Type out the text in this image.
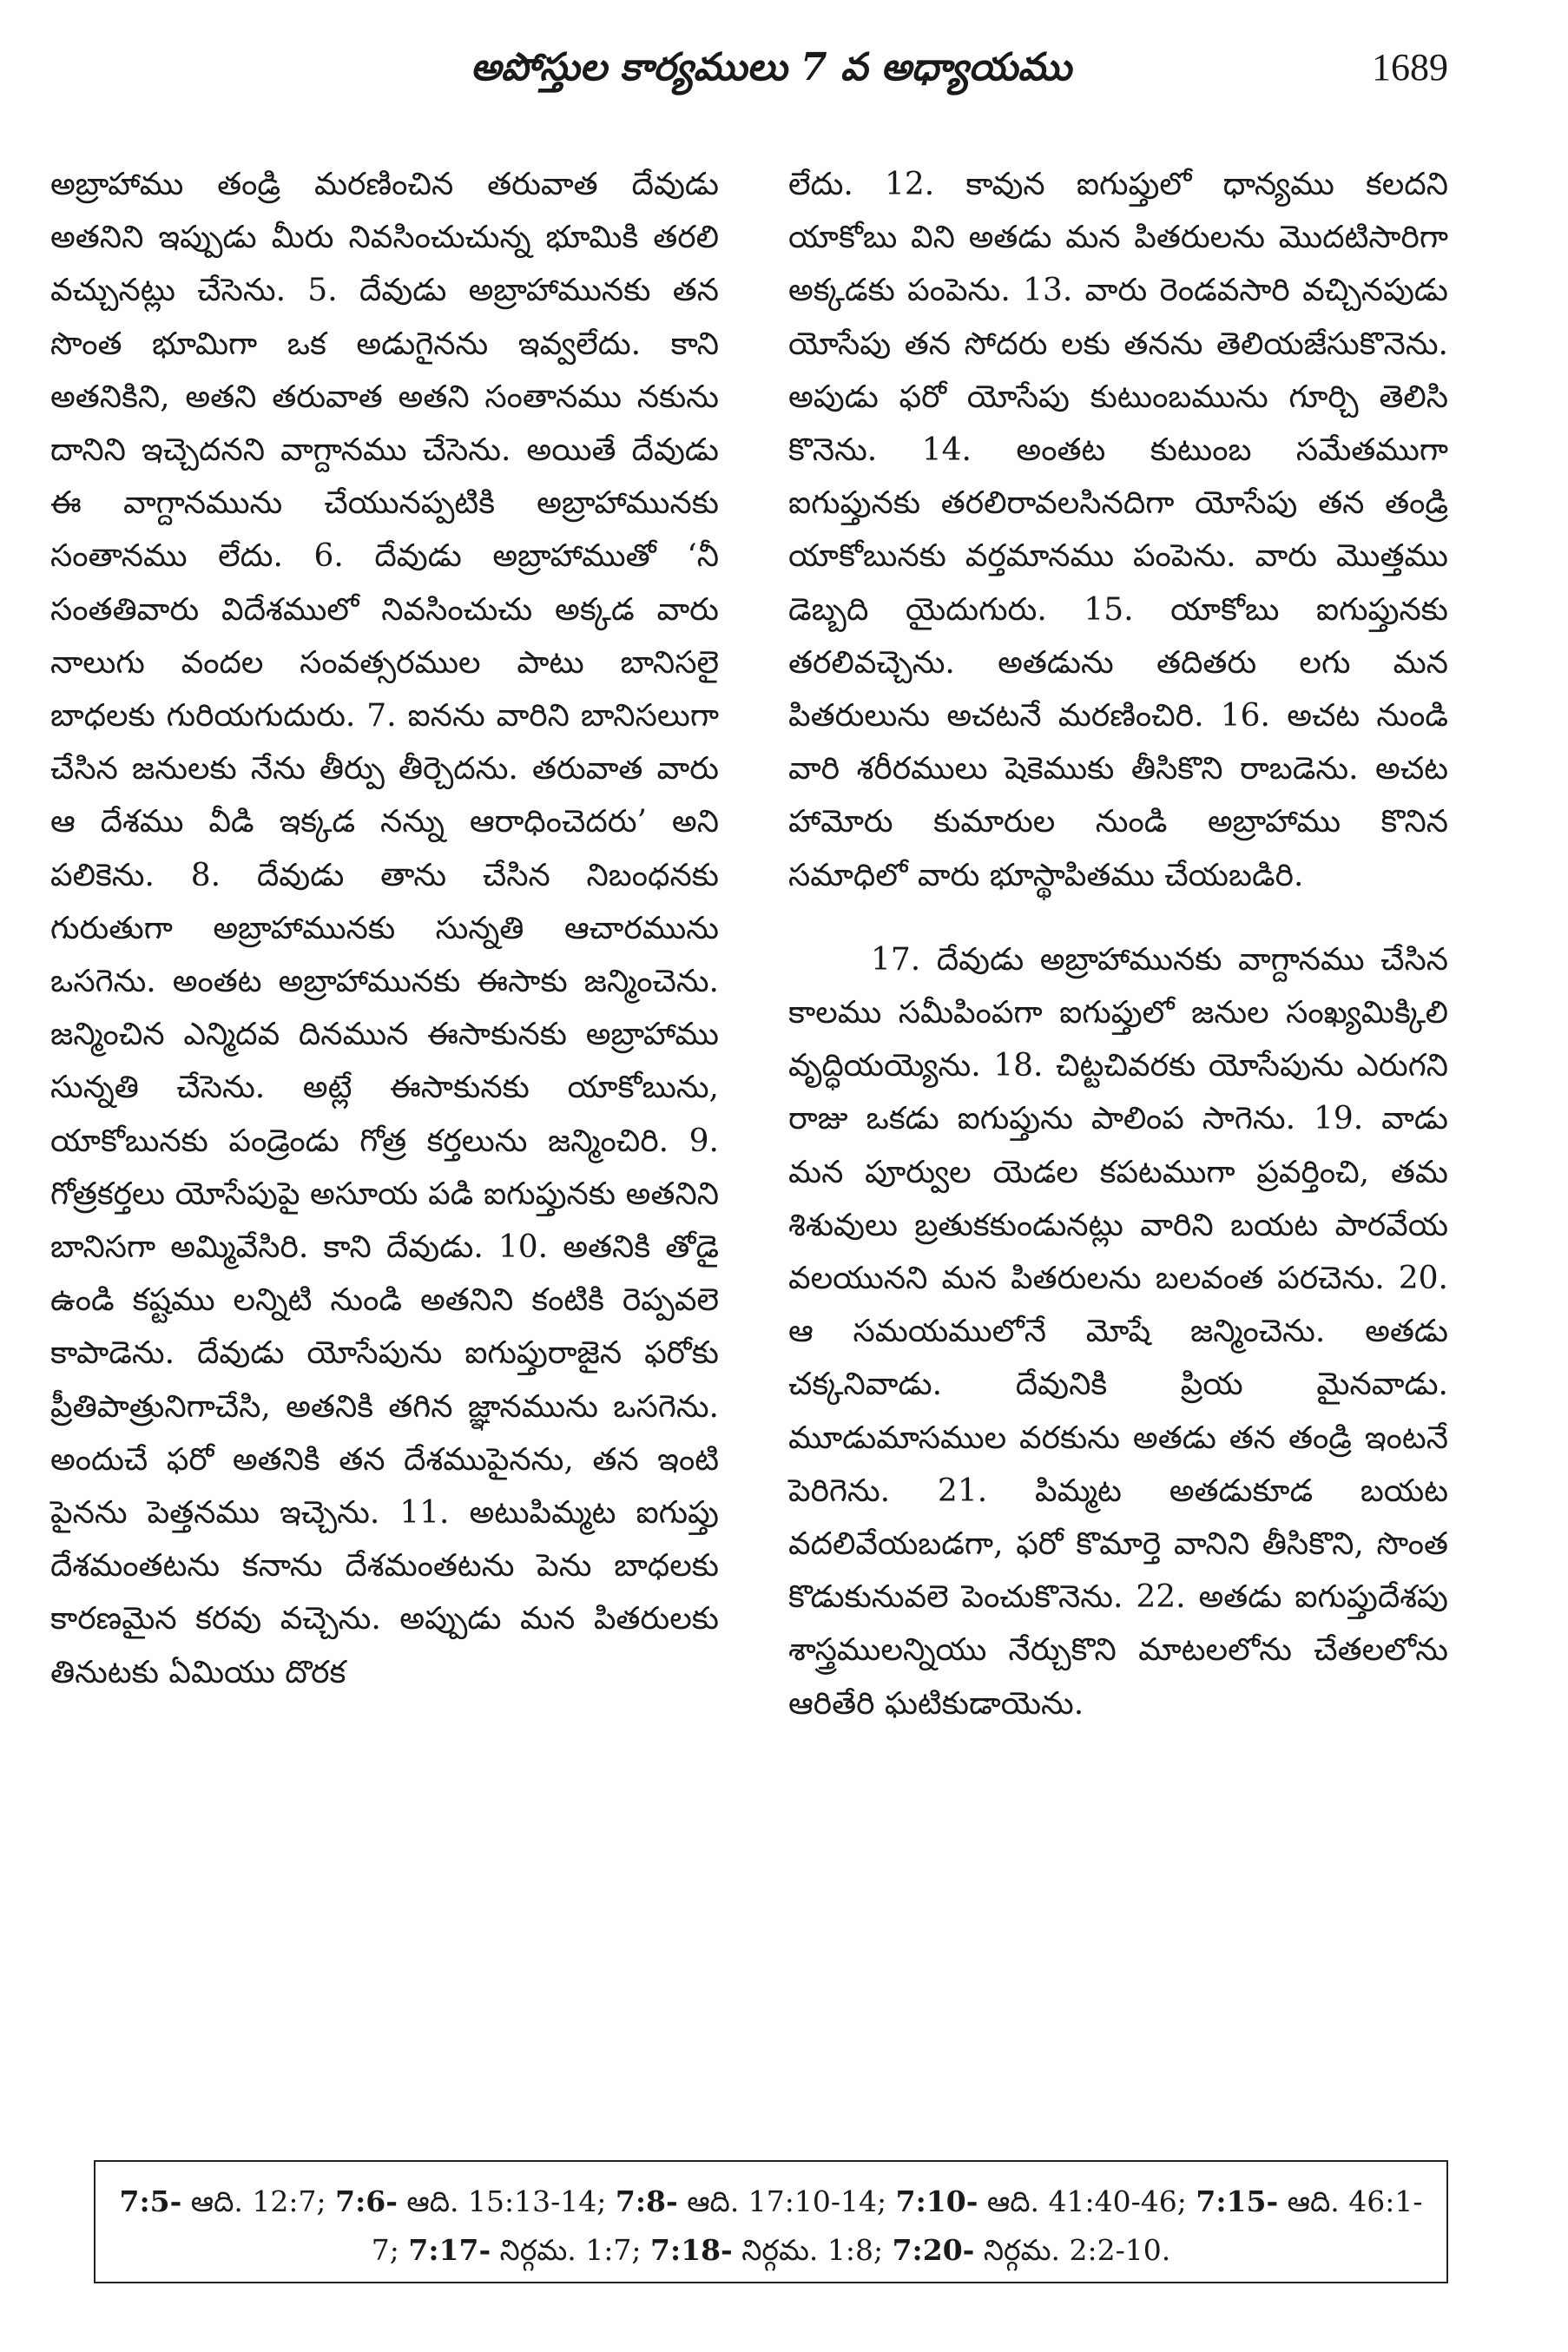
అపోస్తుల కార్యములు 7 వ అధ్యాయము	1689

అబ్రాహాము తండ్రి మరణించిన తరువాత దేవుడు అతనిని ఇప్పుడు మీరు నివసించుచున్న భూమికి తరలి వచ్చునట్లు చేసెను. 5. దేవుడు అబ్రాహామునకు తన సొంత భూమిగా ఒక అడుగైనను ఇవ్వలేదు. కాని అతనికిని, అతని తరువాత అతని సంతానము నకును దానిని ఇచ్చెదనని వాగ్దానము చేసెను. అయితే దేవుడు ఈ వాగ్దానమును చేయునప్పటికి అబ్రాహామునకు సంతానము లేదు. 6. దేవుడు అబ్రాహాముతో ‘నీ సంతతివారు విదేశములో నివసించుచు అక్కడ వారు నాలుగు వందల సంవత్సరముల పాటు బానిసలై బాధలకు గురియగుదురు. 7. ఐనను వారిని బానిసలుగా చేసిన జనులకు నేను తీర్పు తీర్చెదను. తరువాత వారు ఆ దేశము వీడి ఇక్కడ నన్ను ఆరాధించెదరు’ అని పలికెను. 8. దేవుడు తాను చేసిన నిబంధనకు గురుతుగా అబ్రాహామునకు సున్నతి ఆచారమును ఒసగెను. అంతట అబ్రాహామునకు ఈసాకు జన్మించెను. జన్మించిన ఎన్మిదవ దినమున ఈసాకునకు అబ్రాహాము సున్నతి చేసెను. అట్లే ఈసాకునకు యాకోబును, యాకోబునకు పండ్రెండు గోత్ర కర్తలును జన్మించిరి. 9. గోత్రకర్తలు యోసేపుపై అసూయ పడి ఐగుప్తునకు అతనిని బానిసగా అమ్మివేసిరి. కాని దేవుడు. 10. అతనికి తోడై ఉండి కష్టము లన్నిటి నుండి అతనిని కంటికి రెప్పవలె కాపాడెను. దేవుడు యోసేపును ఐగుప్తురాజైన ఫరోకు ప్రీతిపాత్రునిగాచేసి, అతనికి తగిన జ్ఞానమును ఒసగెను. అందుచే ఫరో అతనికి తన దేశముపైనను, తన ఇంటి పైనను పెత్తనము ఇచ్చెను. 11. అటుపిమ్మట ఐగుప్తు దేశమంతటను కనాను దేశమంతటను పెను బాధలకు కారణమైన కరవు వచ్చెను. అప్పుడు మన పితరులకు తినుటకు ఏమియు దొరక

లేదు. 12. కావున ఐగుప్తులో ధాన్యము కలదని యాకోబు విని అతడు మన పితరులను మొదటిసారిగా అక్కడకు పంపెను. 13. వారు రెండవసారి వచ్చినపుడు యోసేపు తన సోదరు లకు తనను తెలియజేసుకొనెను. అపుడు ఫరో యోసేపు కుటుంబమును గూర్చి తెలిసి కొనెను. 14. అంతట కుటుంబ సమేతముగా ఐగుప్తునకు తరలిరావలసినదిగా యోసేపు తన తండ్రి యాకోబునకు వర్తమానము పంపెను. వారు మొత్తము డెబ్బది యైదుగురు. 15. యాకోబు ఐగుప్తునకు తరలివచ్చెను. అతడును తదితరు లగు మన పితరులును అచటనే మరణించిరి. 16. అచట నుండి వారి శరీరములు షెకెముకు తీసికొని రాబడెను. అచట హామోరు కుమారుల నుండి అబ్రాహాము కొనిన సమాధిలో వారు భూస్థాపితము చేయబడిరి.

17. దేవుడు అబ్రాహామునకు వాగ్దానము చేసిన కాలము సమీపింపగా ఐగుప్తులో జనుల సంఖ్యమిక్కిలి వృద్ధియయ్యెను. 18. చిట్టచివరకు యోసేపును ఎరుగని రాజు ఒకడు ఐగుప్తును పాలింప సాగెను. 19. వాడు మన పూర్వుల యెడల కపటముగా ప్రవర్తించి, తమ శిశువులు బ్రతుకకుండునట్లు వారిని బయట పారవేయ వలయునని మన పితరులను బలవంత పరచెను. 20. ఆ సమయములోనే మోషే జన్మించెను. అతడు చక్కనివాడు. దేవునికి ప్రియ మైనవాడు. మూడుమాసముల వరకును అతడు తన తండ్రి ఇంటనే పెరిగెను. 21. పిమ్మట అతడుకూడ బయట వదలివేయబడగా, ఫరో కొమార్తె వానిని తీసికొని, సొంత కొడుకునువలె పెంచుకొనెను. 22. అతడు ఐగుప్తుదేశపు శాస్త్రములన్నియు నేర్చుకొని మాటలలోను చేతలలోను ఆరితేరి ఘటికుడాయెను.

7:5- ఆది. 12:7; 7:6- ఆది. 15:13-14; 7:8- ఆది. 17:10-14; 7:10- ఆది. 41:40-46; 7:15- ఆది. 46:1-7; 7:17- నిర్గమ. 1:7; 7:18- నిర్గమ. 1:8; 7:20- నిర్గమ. 2:2-10.
